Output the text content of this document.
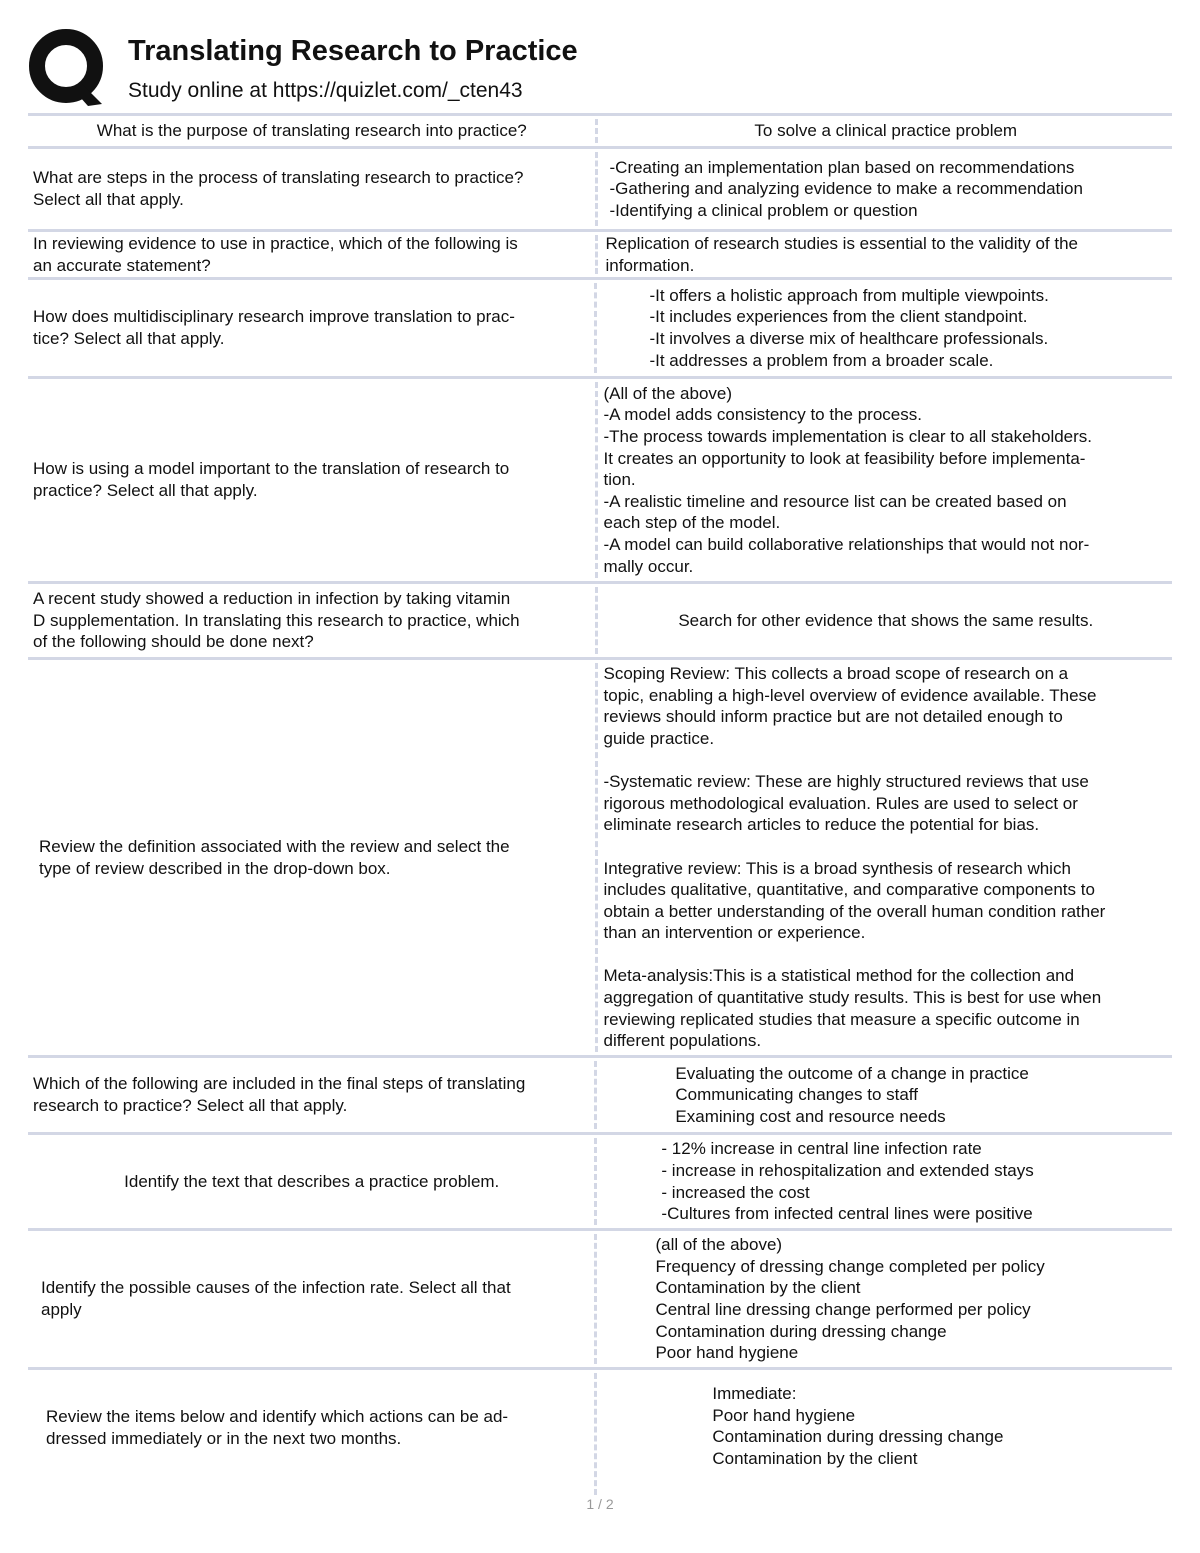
Translating Research to Practice
Study online at https://quizlet.com/_cten43
What is the purpose of translating research into practice?	To solve a clinical practice problem
What are steps in the process of translating research to practice?
Select all that apply.
-Creating an implementation plan based on recommendations
-Gathering and analyzing evidence to make a recommendation
-Identifying a clinical problem or question
In reviewing evidence to use in practice, which of the following is
an accurate statement?
Replication of research studies is essential to the validity of the
information.
How does multidisciplinary research improve translation to prac-
tice? Select all that apply.
-It offers a holistic approach from multiple viewpoints.
-It includes experiences from the client standpoint.
-It involves a diverse mix of healthcare professionals.
-It addresses a problem from a broader scale.
How is using a model important to the translation of research to
practice? Select all that apply.
(All of the above)
-A model adds consistency to the process.
-The process towards implementation is clear to all stakeholders.
It creates an opportunity to look at feasibility before implementa-
tion.
-A realistic timeline and resource list can be created based on
each step of the model.
-A model can build collaborative relationships that would not nor-
mally occur.
A recent study showed a reduction in infection by taking vitamin
D supplementation. In translating this research to practice, which
of the following should be done next?
Search for other evidence that shows the same results.
Review the definition associated with the review and select the
type of review described in the drop-down box.
Scoping Review: This collects a broad scope of research on a
topic, enabling a high-level overview of evidence available. These
reviews should inform practice but are not detailed enough to
guide practice.

-Systematic review: These are highly structured reviews that use
rigorous methodological evaluation. Rules are used to select or
eliminate research articles to reduce the potential for bias.

Integrative review: This is a broad synthesis of research which
includes qualitative, quantitative, and comparative components to
obtain a better understanding of the overall human condition rather
than an intervention or experience.

Meta-analysis:This is a statistical method for the collection and
aggregation of quantitative study results. This is best for use when
reviewing replicated studies that measure a specific outcome in
different populations.
Which of the following are included in the final steps of translating
research to practice? Select all that apply.
Evaluating the outcome of a change in practice
Communicating changes to staff
Examining cost and resource needs
Identify the text that describes a practice problem.
- 12% increase in central line infection rate
- increase in rehospitalization and extended stays
- increased the cost
-Cultures from infected central lines were positive
Identify the possible causes of the infection rate. Select all that
apply
(all of the above)
Frequency of dressing change completed per policy
Contamination by the client
Central line dressing change performed per policy
Contamination during dressing change
Poor hand hygiene
Review the items below and identify which actions can be ad-
dressed immediately or in the next two months.
Immediate:
Poor hand hygiene
Contamination during dressing change
Contamination by the client
1 / 2
